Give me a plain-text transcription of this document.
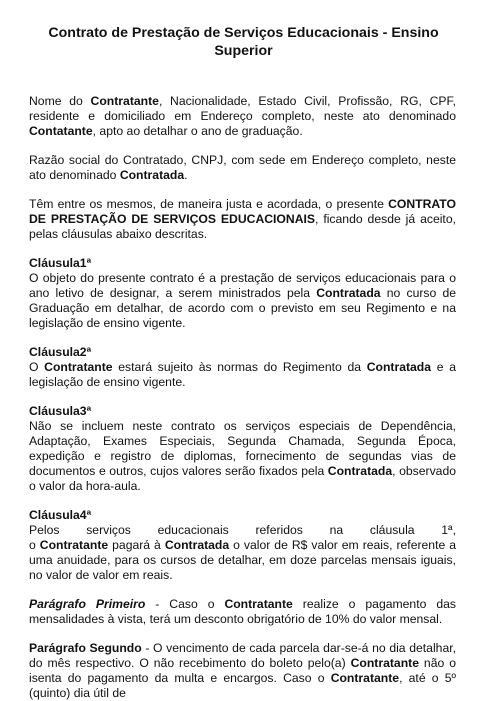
Contrato de Prestação de Serviços Educacionais - Ensino Superior

Nome do Contratante, Nacionalidade, Estado Civil, Profissão, RG, CPF, residente e domiciliado em Endereço completo, neste ato denominado Contatante, apto ao detalhar o ano de graduação.

Razão social do Contratado, CNPJ, com sede em Endereço completo, neste ato denominado Contratada.

Têm entre os mesmos, de maneira justa e acordada, o presente CONTRATO DE PRESTAÇÃO DE SERVIÇOS EDUCACIONAIS, ficando desde já aceito, pelas cláusulas abaixo descritas.

Cláusula1ª
O objeto do presente contrato é a prestação de serviços educacionais para o ano letivo de designar, a serem ministrados pela Contratada no curso de Graduação em detalhar, de acordo com o previsto em seu Regimento e na legislação de ensino vigente.

Cláusula2ª
O Contratante estará sujeito às normas do Regimento da Contratada e a legislação de ensino vigente.

Cláusula3ª
Não se incluem neste contrato os serviços especiais de Dependência, Adaptação, Exames Especiais, Segunda Chamada, Segunda Época, expedição e registro de diplomas, fornecimento de segundas vias de documentos e outros, cujos valores serão fixados pela Contratada, observado o valor da hora-aula.

Cláusula4ª
Pelos serviços educacionais referidos na cláusula 1ª,
o Contratante pagará à Contratada o valor de R$ valor em reais, referente a uma anuidade, para os cursos de detalhar, em doze parcelas mensais iguais, no valor de valor em reais.

Parágrafo Primeiro - Caso o Contratante realize o pagamento das mensalidades à vista, terá um desconto obrigatório de 10% do valor mensal.

Parágrafo Segundo - O vencimento de cada parcela dar-se-á no dia detalhar, do mês respectivo. O não recebimento do boleto pelo(a) Contratante não o isenta do pagamento da multa e encargos. Caso o Contratante, até o 5º (quinto) dia útil de
